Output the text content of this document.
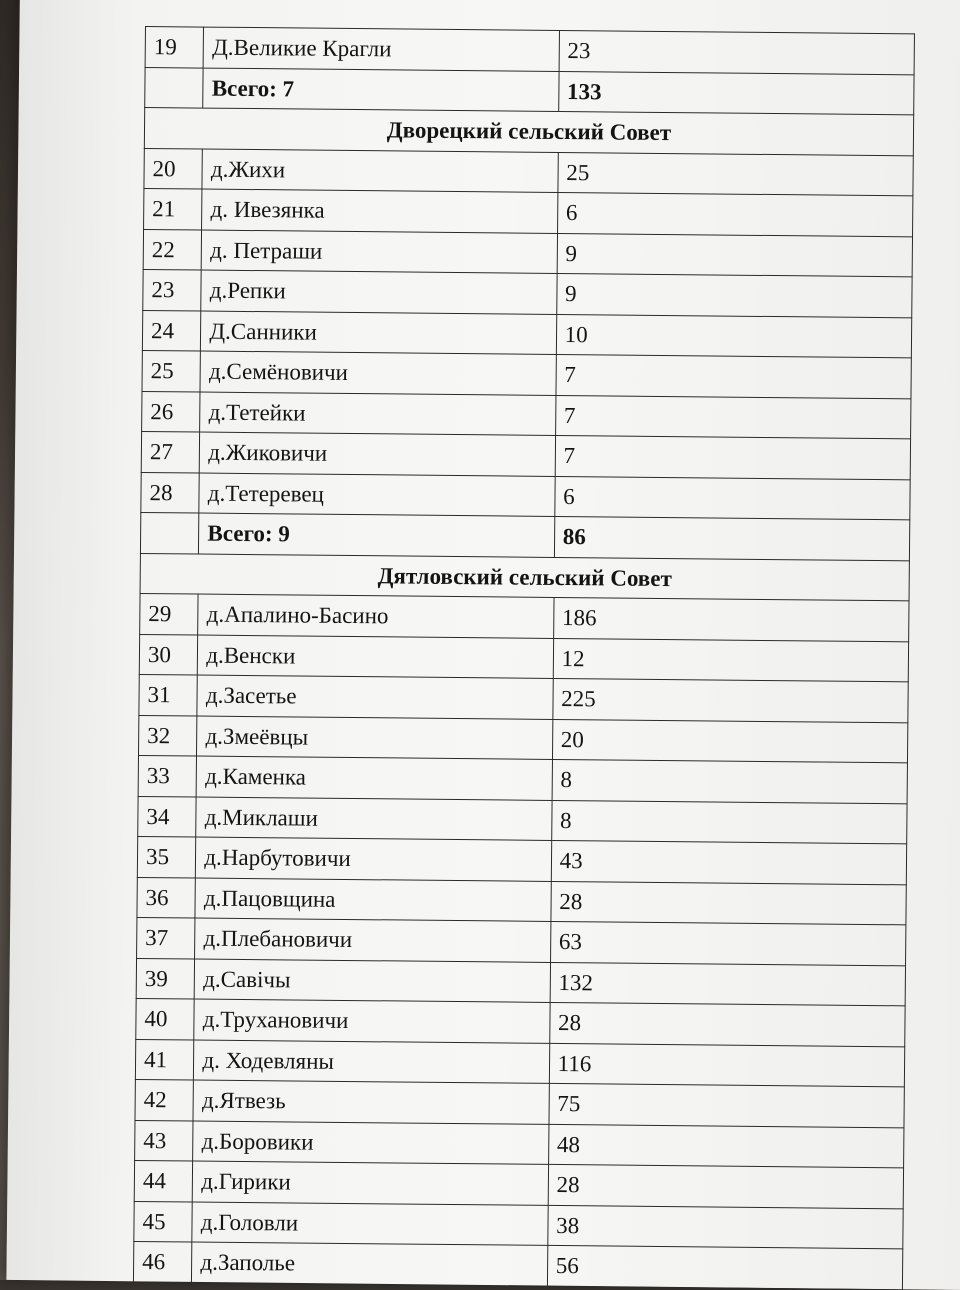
19	Д.Великие Крагли	23
	Всего: 7	133
Дворецкий сельский Совет		
20	д.Жихи	25
21	д. Ивезянка	6
22	д. Петраши	9
23	д.Репки	9
24	Д.Санники	10
25	д.Семёновичи	7
26	д.Тетейки	7
27	д.Жиковичи	7
28	д.Тетеревец	6
	Всего: 9	86
Дятловский сельский Совет		
29	д.Апалино-Басино	186
30	д.Венски	12
31	д.Засетье	225
32	д.Змеёвцы	20
33	д.Каменка	8
34	д.Миклаши	8
35	д.Нарбутовичи	43
36	д.Пацовщина	28
37	д.Плебановичи	63
39	д.Савічы	132
40	д.Трухановичи	28
41	д. Ходевляны	116
42	д.Ятвезь	75
43	д.Боровики	48
44	д.Гирики	28
45	д.Головли	38
46	д.Заполье	56
